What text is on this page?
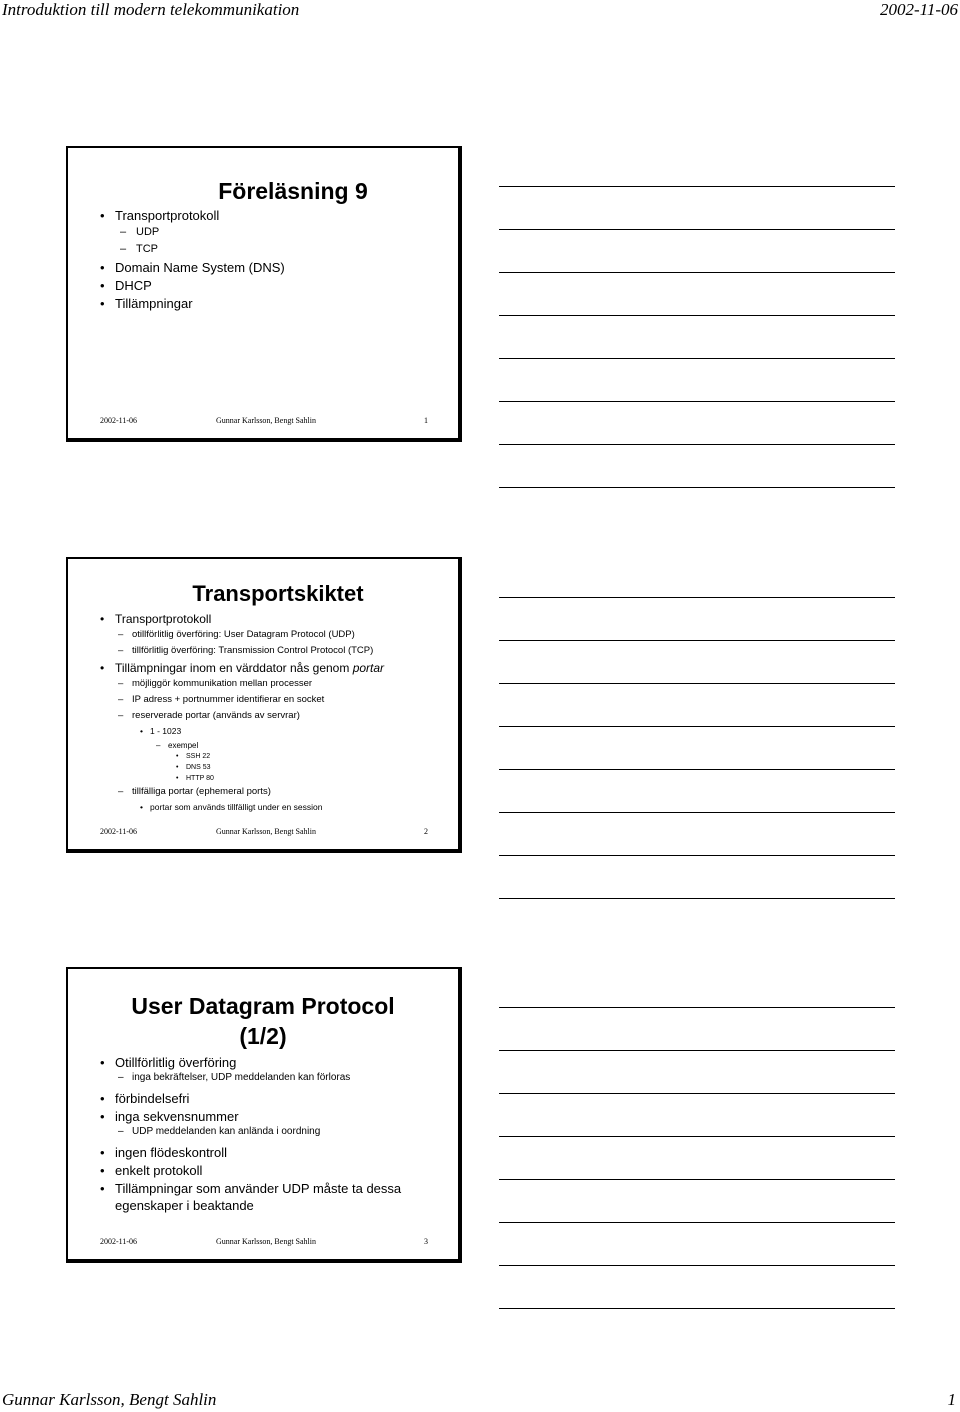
Introduktion till modern telekommunikation	2002-11-06
Föreläsning 9
•
Transportprotokoll
–
UDP
–
TCP
•
Domain Name System (DNS)
•
DHCP
•
Tillämpningar
2002-11-06	Gunnar Karlsson, Bengt Sahlin	1
Transportskiktet
•
Transportprotokoll
–
otillförlitlig överföring: User Datagram Protocol (UDP)
–
tillförlitlig överföring: Transmission Control Protocol (TCP)
•
Tillämpningar inom en värddator nås genom portar
–
möjliggör kommunikation mellan processer
–
IP adress + portnummer identifierar en socket
–
reserverade portar (används av servrar)
•
1 - 1023
–
exempel
•
SSH 22
•
DNS 53
•
HTTP 80
–
tillfälliga portar (ephemeral ports)
•
portar som används tillfälligt under en session
2002-11-06	Gunnar Karlsson, Bengt Sahlin	2
User Datagram Protocol
(1/2)
•
Otillförlitlig överföring
–
inga bekräftelser, UDP meddelanden kan förloras
•
förbindelsefri
•
inga sekvensnummer
–
UDP meddelanden kan anlända i oordning
•
ingen flödeskontroll
•
enkelt protokoll
•
Tillämpningar som använder UDP måste ta dessa egenskaper i beaktande
2002-11-06	Gunnar Karlsson, Bengt Sahlin	3
Gunnar Karlsson, Bengt Sahlin	1
